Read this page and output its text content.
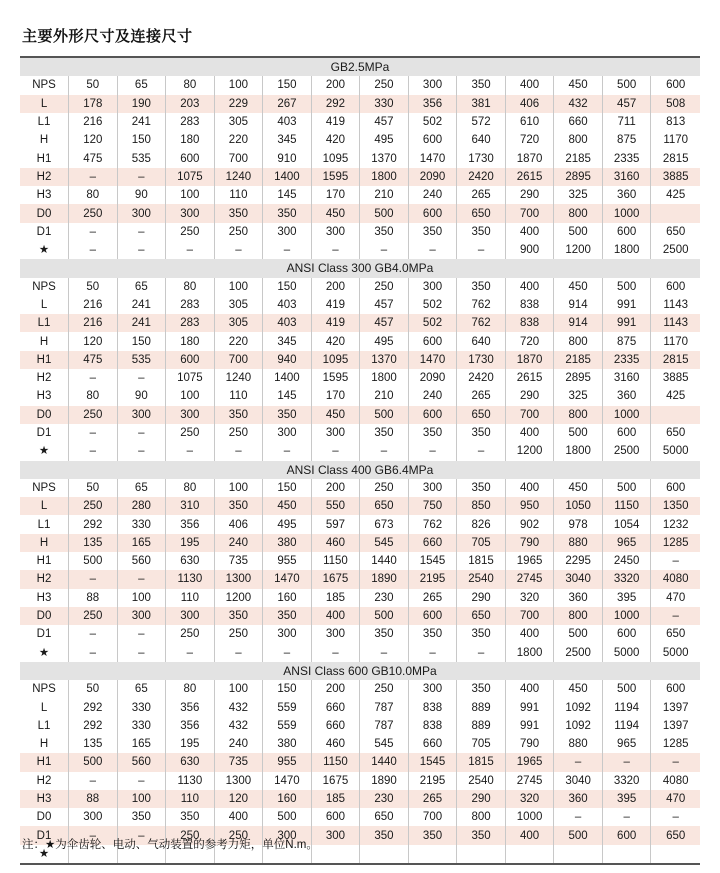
主要外形尺寸及连接尺寸
GB2.5MPa													
NPS	50	65	80	100	150	200	250	300	350	400	450	500	600
L	178	190	203	229	267	292	330	356	381	406	432	457	508
L1	216	241	283	305	403	419	457	502	572	610	660	711	813
H	120	150	180	220	345	420	495	600	640	720	800	875	1170
H1	475	535	600	700	910	1095	1370	1470	1730	1870	2185	2335	2815
H2	–	–	1075	1240	1400	1595	1800	2090	2420	2615	2895	3160	3885
H3	80	90	100	110	145	170	210	240	265	290	325	360	425
D0	250	300	300	350	350	450	500	600	650	700	800	1000	
D1	–	–	250	250	300	300	350	350	350	400	500	600	650
★	–	–	–	–	–	–	–	–	–	900	1200	1800	2500
ANSI Class 300 GB4.0MPa													
NPS	50	65	80	100	150	200	250	300	350	400	450	500	600
L	216	241	283	305	403	419	457	502	762	838	914	991	1143
L1	216	241	283	305	403	419	457	502	762	838	914	991	1143
H	120	150	180	220	345	420	495	600	640	720	800	875	1170
H1	475	535	600	700	940	1095	1370	1470	1730	1870	2185	2335	2815
H2	–	–	1075	1240	1400	1595	1800	2090	2420	2615	2895	3160	3885
H3	80	90	100	110	145	170	210	240	265	290	325	360	425
D0	250	300	300	350	350	450	500	600	650	700	800	1000	
D1	–	–	250	250	300	300	350	350	350	400	500	600	650
★	–	–	–	–	–	–	–	–	–	1200	1800	2500	5000
ANSI Class 400 GB6.4MPa													
NPS	50	65	80	100	150	200	250	300	350	400	450	500	600
L	250	280	310	350	450	550	650	750	850	950	1050	1150	1350
L1	292	330	356	406	495	597	673	762	826	902	978	1054	1232
H	135	165	195	240	380	460	545	660	705	790	880	965	1285
H1	500	560	630	735	955	1150	1440	1545	1815	1965	2295	2450	–
H2	–	–	1130	1300	1470	1675	1890	2195	2540	2745	3040	3320	4080
H3	88	100	110	1200	160	185	230	265	290	320	360	395	470
D0	250	300	300	350	350	400	500	600	650	700	800	1000	–
D1	–	–	250	250	300	300	350	350	350	400	500	600	650
★	–	–	–	–	–	–	–	–	–	1800	2500	5000	5000
ANSI Class 600 GB10.0MPa													
NPS	50	65	80	100	150	200	250	300	350	400	450	500	600
L	292	330	356	432	559	660	787	838	889	991	1092	1194	1397
L1	292	330	356	432	559	660	787	838	889	991	1092	1194	1397
H	135	165	195	240	380	460	545	660	705	790	880	965	1285
H1	500	560	630	735	955	1150	1440	1545	1815	1965	–	–	–
H2	–	–	1130	1300	1470	1675	1890	2195	2540	2745	3040	3320	4080
H3	88	100	110	120	160	185	230	265	290	320	360	395	470
D0	300	350	350	400	500	600	650	700	800	1000	–	–	–
D1	–	–	250	250	300	300	350	350	350	400	500	600	650
★													
注：★为伞齿轮、电动、气动装置的参考力矩，单位N.m。
